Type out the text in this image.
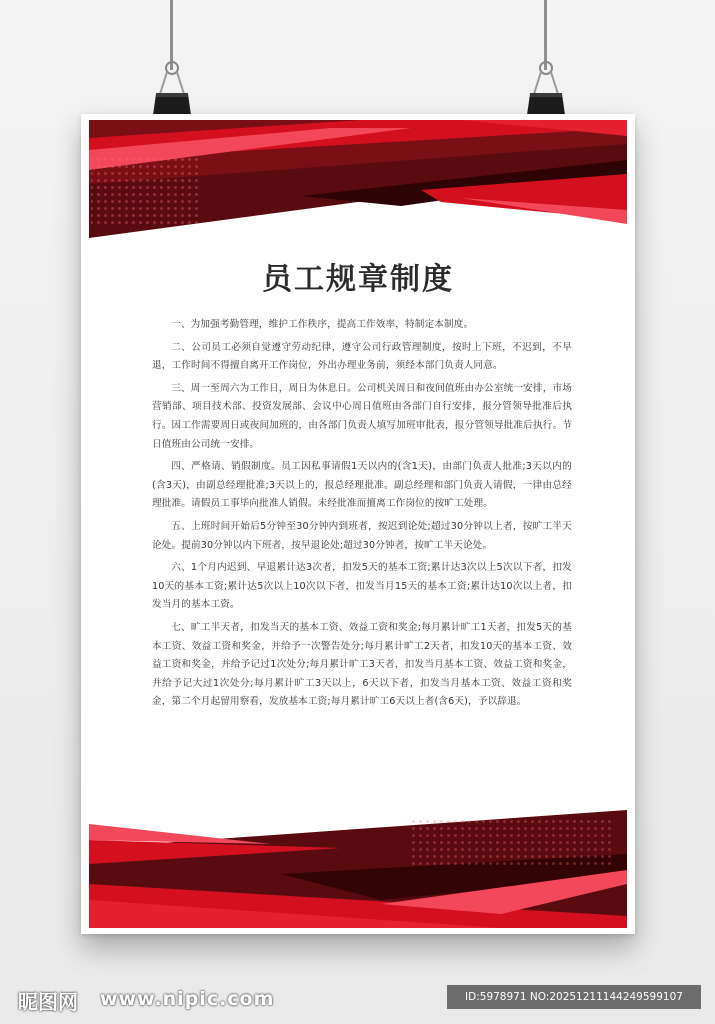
员工规章制度

一、为加强考勤管理，维护工作秩序，提高工作效率，特制定本制度。

二、公司员工必须自觉遵守劳动纪律，遵守公司行政管理制度，按时上下班，不迟到，不早退，工作时间不得擅自离开工作岗位，外出办理业务前，须经本部门负责人同意。

三、周一至周六为工作日，周日为休息日。公司机关周日和夜间值班由办公室统一安排，市场营销部、项目技术部、投资发展部、会议中心周日值班由各部门自行安排，报分管领导批准后执行。因工作需要周日或夜间加班的，由各部门负责人填写加班审批表，报分管领导批准后执行。节日值班由公司统一安排。

四、严格请、销假制度。员工因私事请假1天以内的(含1天)，由部门负责人批准;3天以内的(含3天)，由副总经理批准;3天以上的，报总经理批准。副总经理和部门负责人请假，一律由总经理批准。请假员工事毕向批准人销假。未经批准而擅离工作岗位的按旷工处理。

五、上班时间开始后5分钟至30分钟内到班者，按迟到论处;超过30分钟以上者，按旷工半天论处。提前30分钟以内下班者，按早退论处;超过30分钟者，按旷工半天论处。

六、1个月内迟到、早退累计达3次者，扣发5天的基本工资;累计达3次以上5次以下者，扣发10天的基本工资;累计达5次以上10次以下者，扣发当月15天的基本工资;累计达10次以上者，扣发当月的基本工资。

七、旷工半天者，扣发当天的基本工资、效益工资和奖金;每月累计旷工1天者，扣发5天的基本工资、效益工资和奖金，并给予一次警告处分;每月累计旷工2天者，扣发10天的基本工资、效益工资和奖金，并给予记过1次处分;每月累计旷工3天者，扣发当月基本工资、效益工资和奖金，并给予记大过1次处分;每月累计旷工3天以上，6天以下者，扣发当月基本工资、效益工资和奖金，第二个月起留用察看，发放基本工资;每月累计旷工6天以上者(含6天)，予以辞退。

昵图网 www.nipic.com	ID:5978971 NO:20251211144249599107
